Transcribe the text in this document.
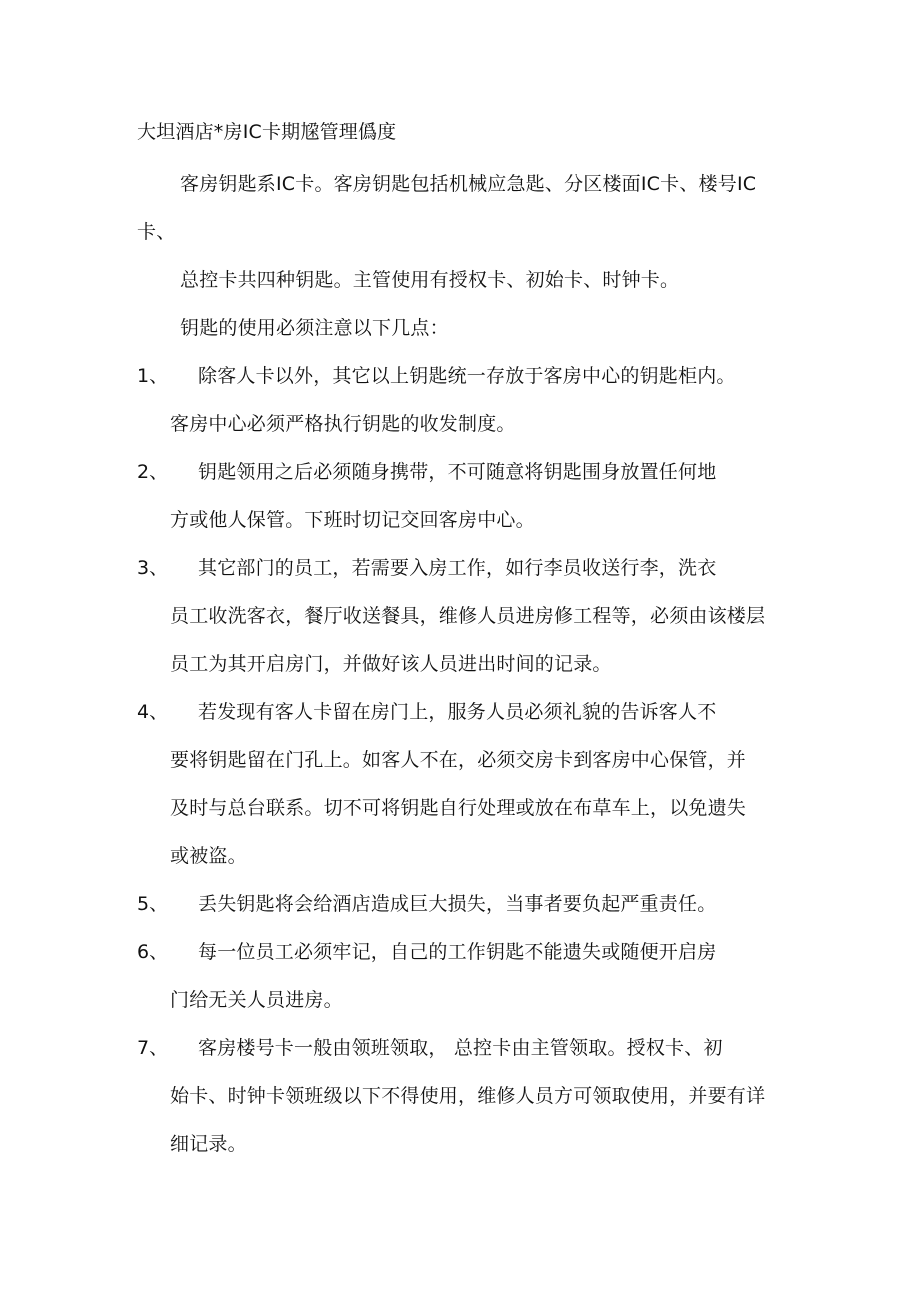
大坦酒店*房IC卡期尮管理僞度
客房钥匙系IC卡。客房钥匙包括机械应急匙、分区楼面IC卡、楼号IC
卡、
总控卡共四种钥匙。主管使用有授权卡、初始卡、时钟卡。
钥匙的使用必须注意以下几点：
1、 除客人卡以外，其它以上钥匙统一存放于客房中心的钥匙柜内。
客房中心必须严格执行钥匙的收发制度。
2、 钥匙领用之后必须随身携带，不可随意将钥匙围身放置任何地
方或他人保管。下班时切记交回客房中心。
3、 其它部门的员工，若需要入房工作，如行李员收送行李，洗衣
员工收洗客衣，餐厅收送餐具，维修人员进房修工程等，必须由该楼层
员工为其开启房门，并做好该人员进出时间的记录。
4、 若发现有客人卡留在房门上，服务人员必须礼貌的告诉客人不
要将钥匙留在门孔上。如客人不在，必须交房卡到客房中心保管，并
及时与总台联系。切不可将钥匙自行处理或放在布草车上，以免遗失
或被盗。
5、 丢失钥匙将会给酒店造成巨大损失，当事者要负起严重责任。
6、 每一位员工必须牢记，自己的工作钥匙不能遗失或随便开启房
门给无关人员进房。
7、 客房楼号卡一般由领班领取， 总控卡由主管领取。授权卡、初
始卡、时钟卡领班级以下不得使用，维修人员方可领取使用，并要有详
细记录。
